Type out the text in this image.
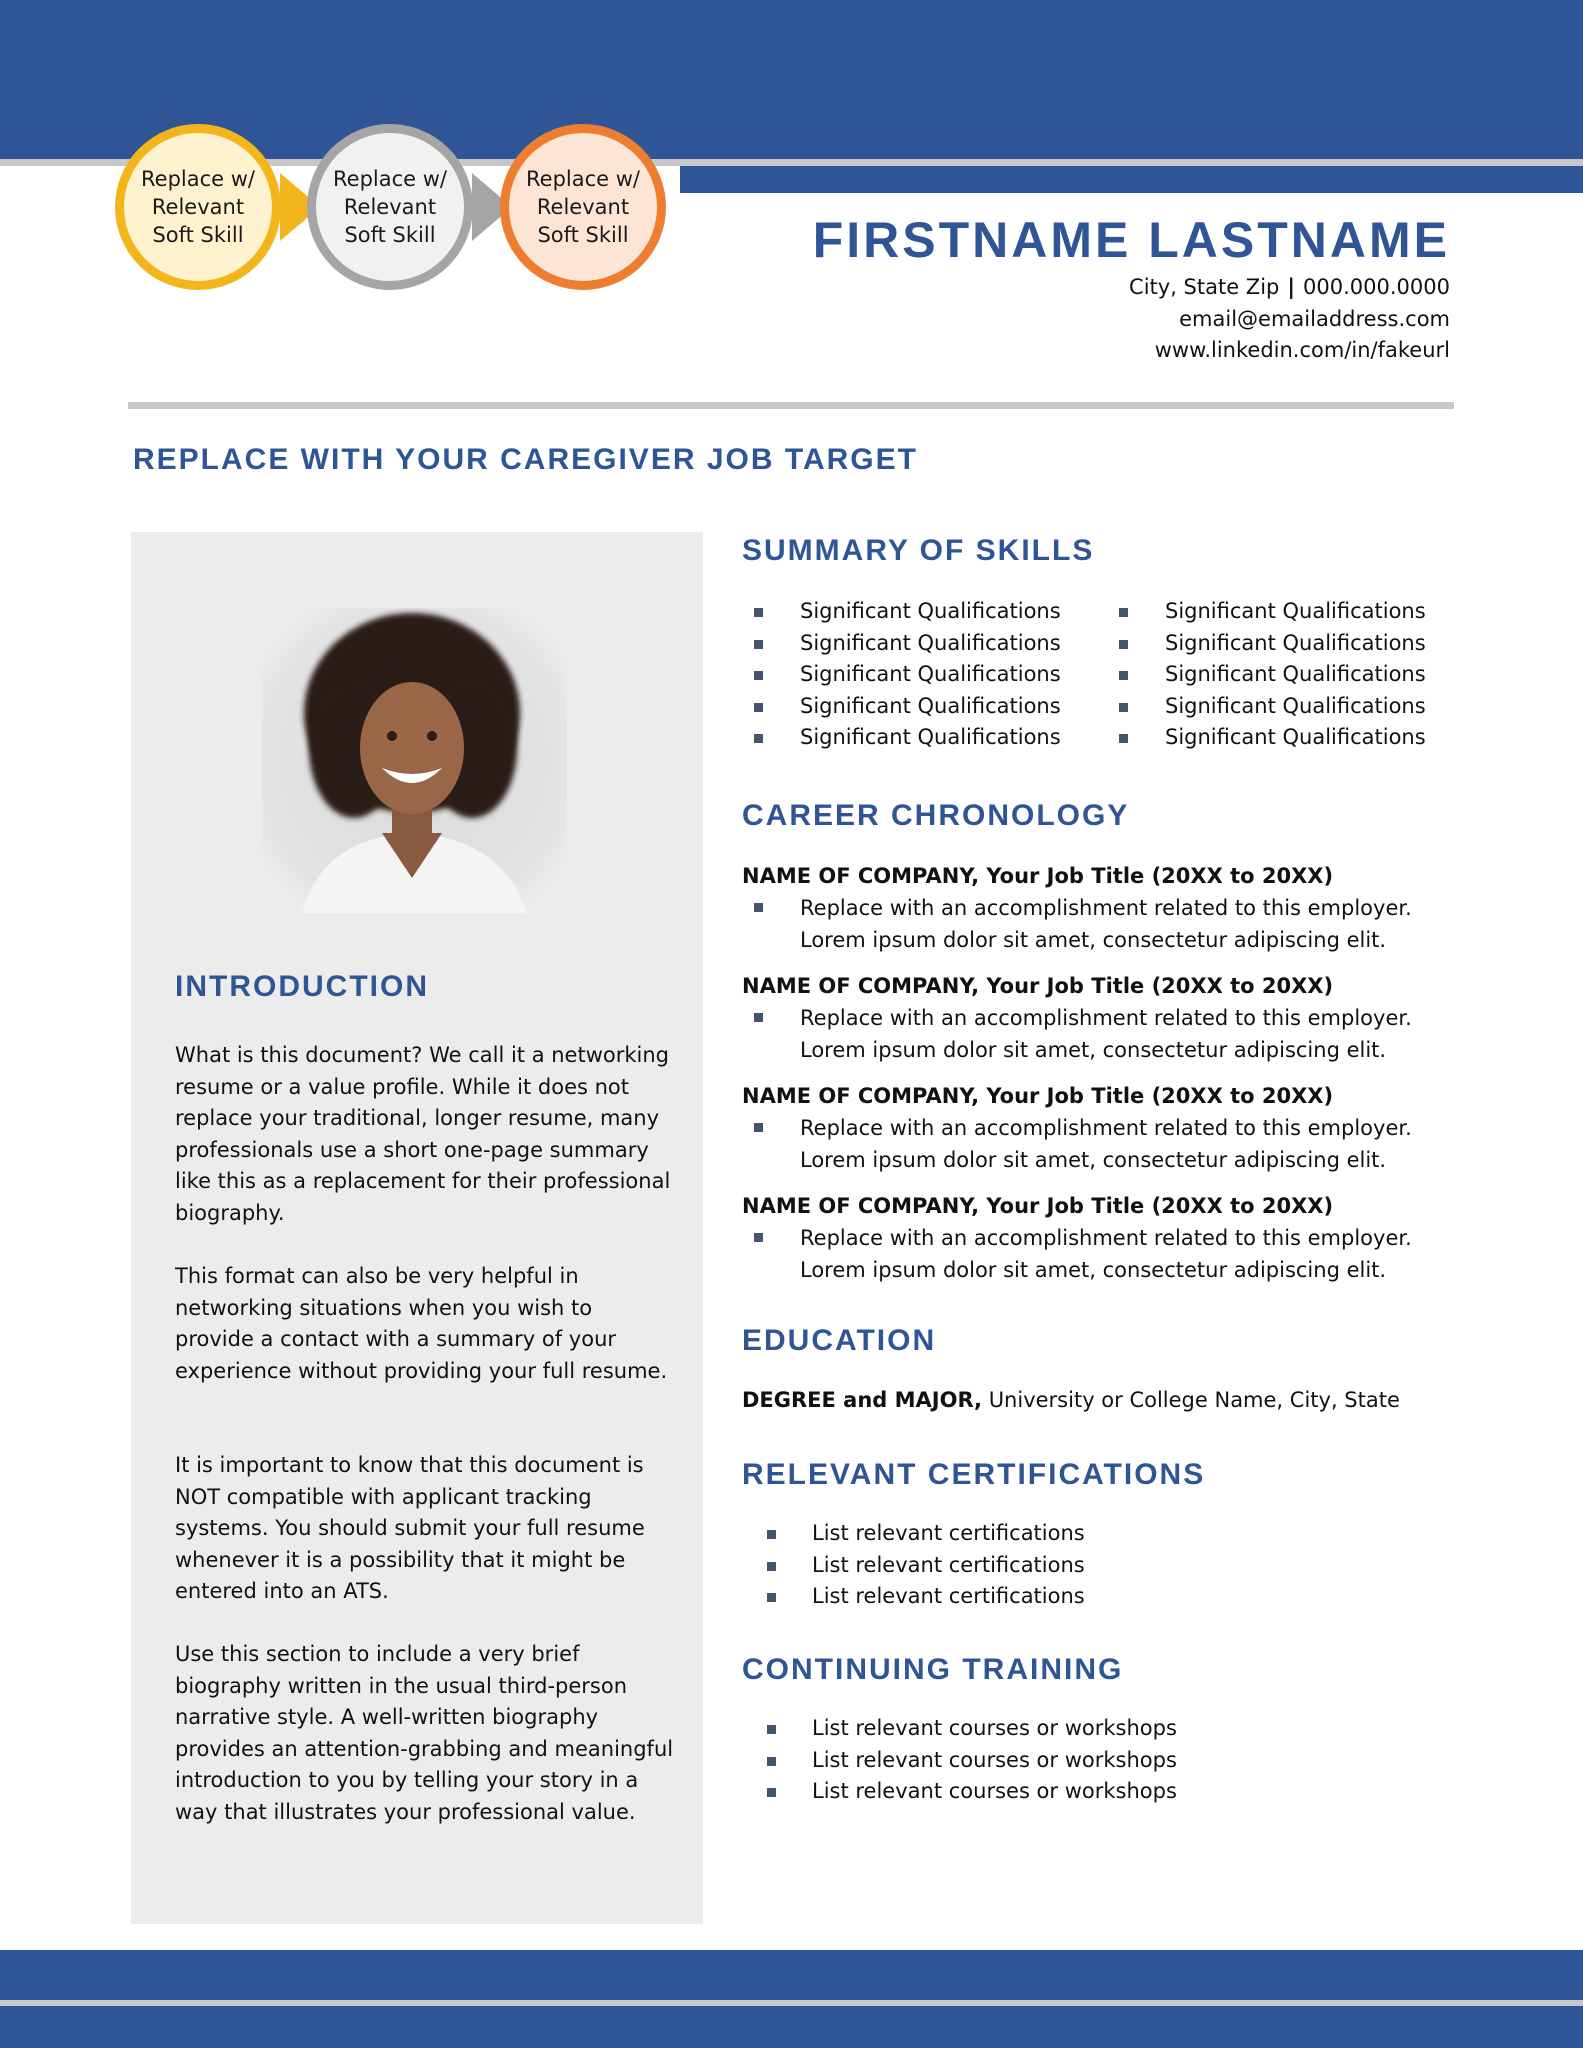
Replace w/
Relevant
Soft Skill
Replace w/
Relevant
Soft Skill
Replace w/
Relevant
Soft Skill	FIRSTNAME LASTNAME
City, State Zip | 000.000.0000
email@emailaddress.com
www.linkedin.com/in/fakeurl
REPLACE WITH YOUR CAREGIVER JOB TARGET
INTRODUCTION

What is this document? We call it a networking resume or a value profile. While it does not replace your traditional, longer resume, many professionals use a short one-page summary like this as a replacement for their professional biography.

This format can also be very helpful in networking situations when you wish to provide a contact with a summary of your experience without providing your full resume.

It is important to know that this document is NOT compatible with applicant tracking systems. You should submit your full resume whenever it is a possibility that it might be entered into an ATS.

Use this section to include a very brief biography written in the usual third-person narrative style. A well-written biography provides an attention-grabbing and meaningful introduction to you by telling your story in a way that illustrates your professional value.

SUMMARY OF SKILLS
Significant Qualifications
Significant Qualifications
Significant Qualifications
Significant Qualifications
Significant Qualifications
Significant Qualifications
Significant Qualifications
Significant Qualifications
Significant Qualifications
Significant Qualifications
CAREER CHRONOLOGY
NAME OF COMPANY, Your Job Title (20XX to 20XX)
Replace with an accomplishment related to this employer.
Lorem ipsum dolor sit amet, consectetur adipiscing elit.
NAME OF COMPANY, Your Job Title (20XX to 20XX)
Replace with an accomplishment related to this employer.
Lorem ipsum dolor sit amet, consectetur adipiscing elit.
NAME OF COMPANY, Your Job Title (20XX to 20XX)
Replace with an accomplishment related to this employer.
Lorem ipsum dolor sit amet, consectetur adipiscing elit.
NAME OF COMPANY, Your Job Title (20XX to 20XX)
Replace with an accomplishment related to this employer.
Lorem ipsum dolor sit amet, consectetur adipiscing elit.
EDUCATION
DEGREE and MAJOR, University or College Name, City, State
RELEVANT CERTIFICATIONS
List relevant certifications
List relevant certifications
List relevant certifications
CONTINUING TRAINING
List relevant courses or workshops
List relevant courses or workshops
List relevant courses or workshops
